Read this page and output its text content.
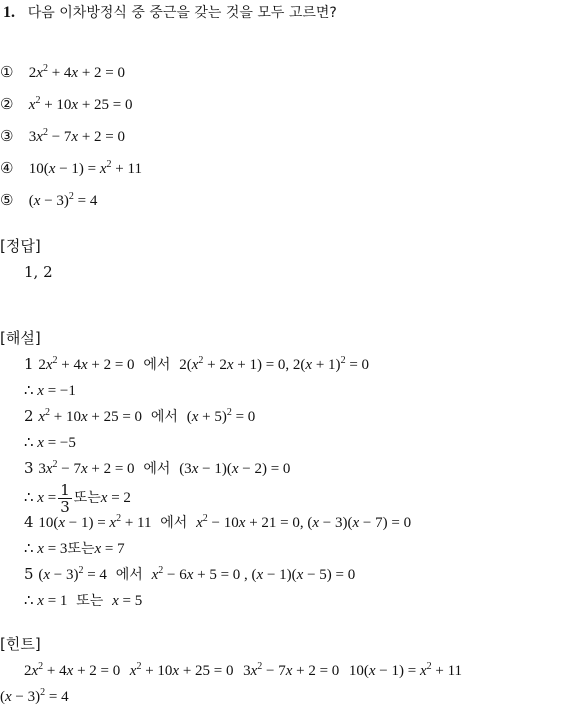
1. 다음 이차방정식 중 중근을 갖는 것을 모두 고르면?
① $2x^2 + 4x + 2 = 0$
② $x^2 + 10x + 25 = 0$
③ $3x^2 - 7x + 2 = 0$
④ $10(x - 1) = x^2 + 11$
⑤ $(x - 3)^2 = 4$
[정답]
1, 2
[해설]
1 $2x^2 + 4x + 2 = 0$ 에서 $2(x^2 + 2x + 1) = 0$, $2(x + 1)^2 = 0$
∴ x = −1
2 $x^2 + 10x + 25 = 0$ 에서 $(x + 5)^2 = 0$
∴ x = −5
3 $3x^2 - 7x + 2 = 0$ 에서 (3x − 1)(x − 2) = 0
∴ $x = \frac{1}{3}$ 또는x = 2
4 $10(x - 1) = x^2 + 11$ 에서 $x^2 - 10x + 21 = 0$, (x − 3)(x − 7) = 0
∴ x = 3또는x = 7
5 $(x - 3)^2 = 4$ 에서 $x^2 - 6x + 5 = 0$ , (x − 1)(x − 5) = 0
∴ x = 1 또는 x = 5
[힌트]
$2x^2 + 4x + 2 = 0$ $x^2 + 10x + 25 = 0$ $3x^2 - 7x + 2 = 0$ $10(x - 1) = x^2 + 11$
$(x - 3)^2 = 4$
